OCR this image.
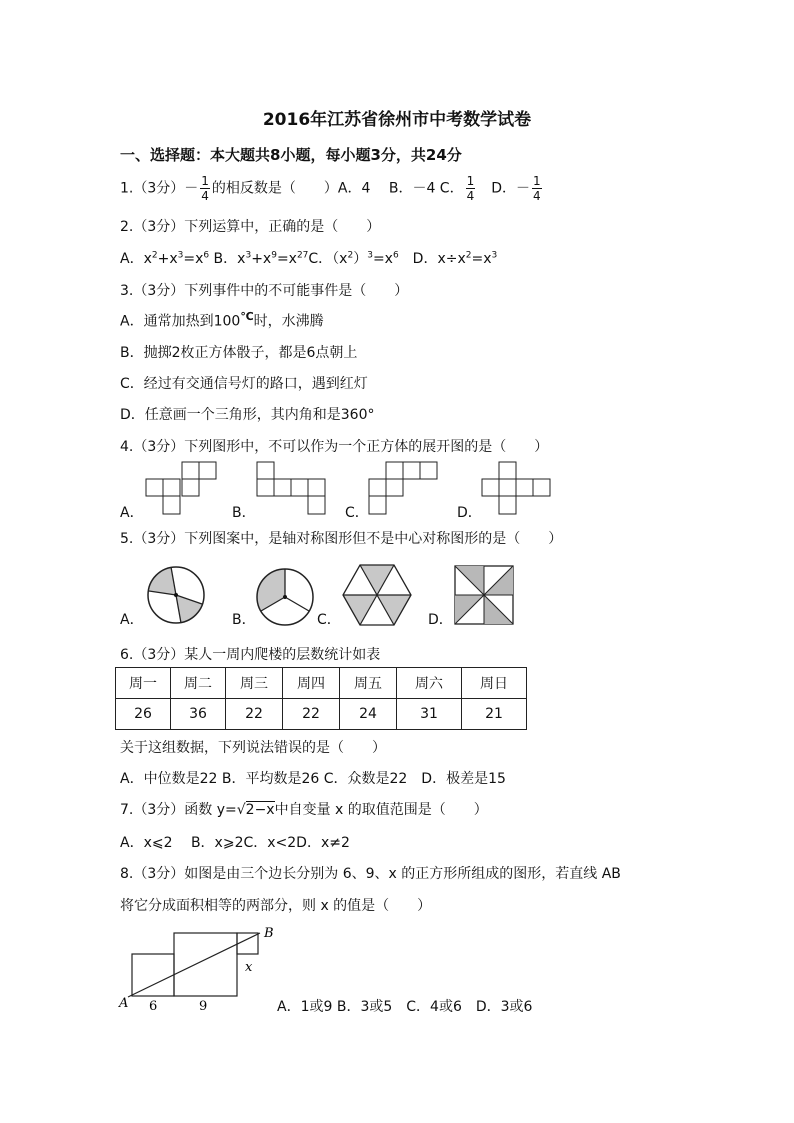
2016年江苏省徐州市中考数学试卷
一、选择题：本大题共8小题，每小题3分，共24分
1.（3分）－ $\frac{1}{4}$ 的相反数是（　　）A．4　 B．－4 C． $\frac{1}{4}$ 　D．－ $\frac{1}{4}$
2.（3分）下列运算中，正确的是（　　）
A．$x^2+x^3=x^6$ B．$x^3+x^9=x^{27}C$．$(x^2)^3=x^6$　D．$x\div x^2=x^3$
3.（3分）下列事件中的不可能事件是（　　）
A．通常加热到100℃时，水沸腾
B．抛掷2枚正方体骰子，都是6点朝上
C．经过有交通信号灯的路口，遇到红灯
D．任意画一个三角形，其内角和是360°
4.（3分）下列图形中，不可以作为一个正方体的展开图的是（　　）
A．	B．	C．	D．
5.（3分）下列图案中，是轴对称图形但不是中心对称图形的是（　　）
A．	B．	C．	D．
6.（3分）某人一周内爬楼的层数统计如表
周一	周二	周三	周四	周五	周六	周日
26	36	22	22	24	31	21
关于这组数据，下列说法错误的是（　　）
A．中位数是22 B．平均数是26 C．众数是22　D．极差是15
7.（3分）函数 y=√2−x中自变量 x 的取值范围是（　　）
A．x⩽2　 B．x⩾2C．x<2D．x≠2
8.（3分）如图是由三个边长分别为 6、9、x 的正方形所组成的图形，若直线 AB
将它分成面积相等的两部分，则 x 的值是（　　）
A
B
x
6	9	A．1或9 B．3或5　C．4或6　D．3或6
